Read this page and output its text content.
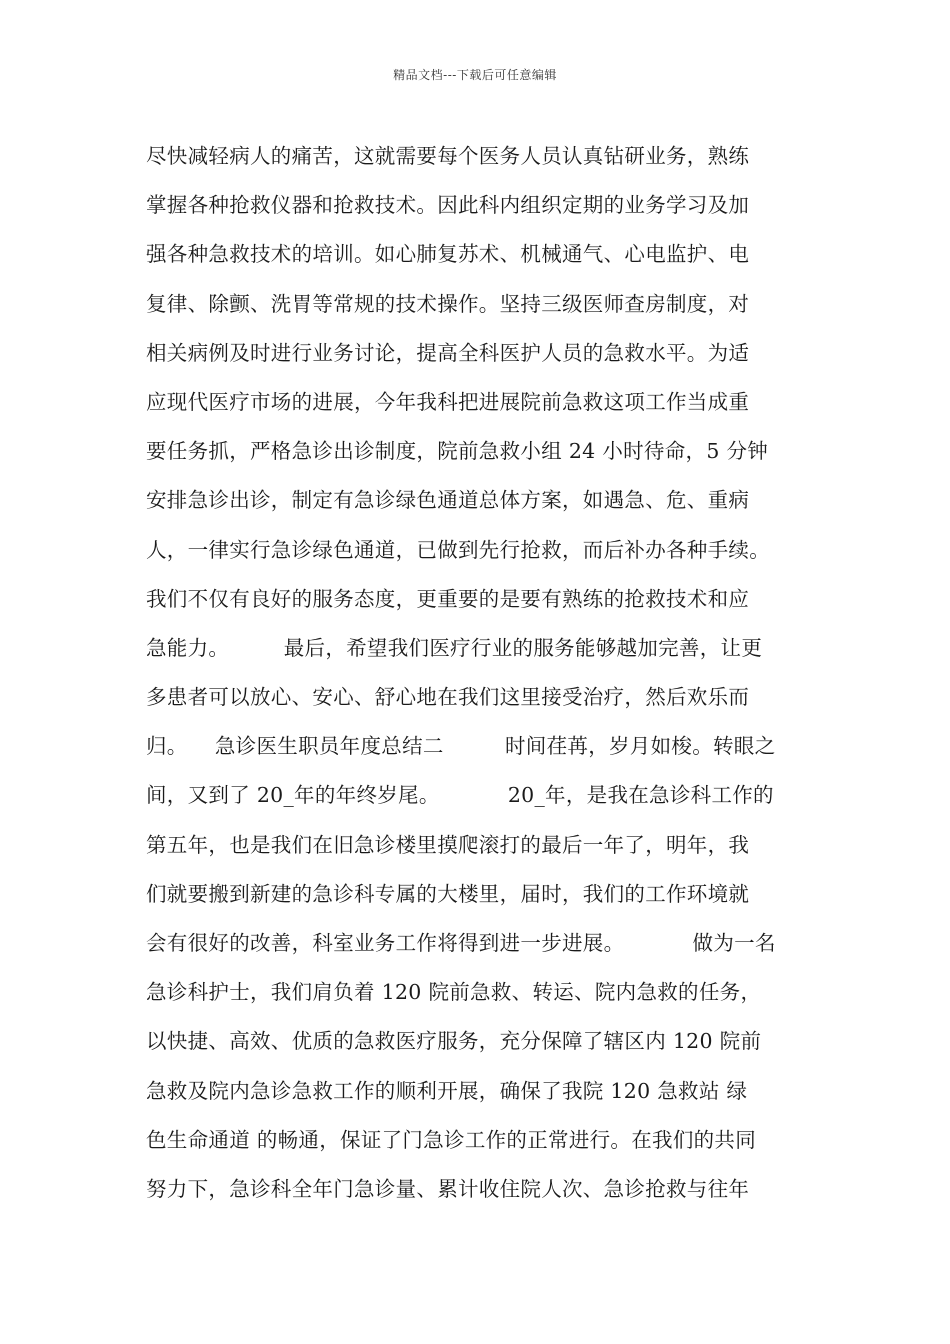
精品文档---下载后可任意编辑
尽快减轻病人的痛苦，这就需要每个医务人员认真钻研业务，熟练
掌握各种抢救仪器和抢救技术。因此科内组织定期的业务学习及加
强各种急救技术的培训。如心肺复苏术、机械通气、心电监护、电
复律、除颤、洗胃等常规的技术操作。坚持三级医师查房制度，对
相关病例及时进行业务讨论，提高全科医护人员的急救水平。为适
应现代医疗市场的进展，今年我科把进展院前急救这项工作当成重
要任务抓，严格急诊出诊制度，院前急救小组 24 小时待命，5 分钟
安排急诊出诊，制定有急诊绿色通道总体方案，如遇急、危、重病
人，一律实行急诊绿色通道，已做到先行抢救，而后补办各种手续。
我们不仅有良好的服务态度，更重要的是要有熟练的抢救技术和应
急能力。        最后，希望我们医疗行业的服务能够越加完善，让更
多患者可以放心、安心、舒心地在我们这里接受治疗，然后欢乐而
归。    急诊医生职员年度总结二         时间荏苒，岁月如梭。转眼之
间，又到了 20_年的年终岁尾。          20_年，是我在急诊科工作的
第五年，也是我们在旧急诊楼里摸爬滚打的最后一年了，明年，我
们就要搬到新建的急诊科专属的大楼里，届时，我们的工作环境就
会有很好的改善，科室业务工作将得到进一步进展。          做为一名
急诊科护士，我们肩负着 120 院前急救、转运、院内急救的任务，
以快捷、高效、优质的急救医疗服务，充分保障了辖区内 120 院前
急救及院内急诊急救工作的顺利开展，确保了我院 120 急救站 绿
色生命通道 的畅通，保证了门急诊工作的正常进行。在我们的共同
努力下，急诊科全年门急诊量、累计收住院人次、急诊抢救与往年
